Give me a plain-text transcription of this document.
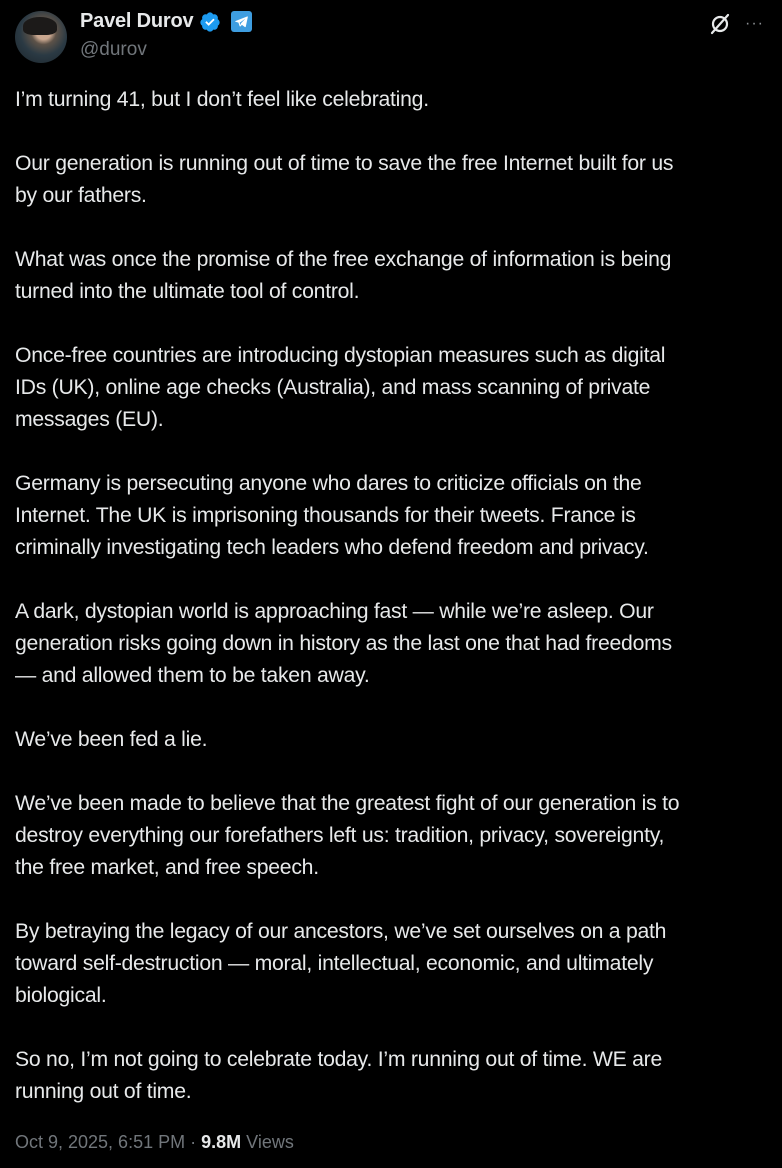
Pavel Durov
@durov
···

I’m turning 41, but I don’t feel like celebrating.

Our generation is running out of time to save the free Internet built for us
by our fathers.

What was once the promise of the free exchange of information is being
turned into the ultimate tool of control.

Once-free countries are introducing dystopian measures such as digital
IDs (UK), online age checks (Australia), and mass scanning of private
messages (EU).

Germany is persecuting anyone who dares to criticize officials on the
Internet. The UK is imprisoning thousands for their tweets. France is
criminally investigating tech leaders who defend freedom and privacy.

A dark, dystopian world is approaching fast — while we’re asleep. Our
generation risks going down in history as the last one that had freedoms
— and allowed them to be taken away.

We’ve been fed a lie.

We’ve been made to believe that the greatest fight of our generation is to
destroy everything our forefathers left us: tradition, privacy, sovereignty,
the free market, and free speech.

By betraying the legacy of our ancestors, we’ve set ourselves on a path
toward self-destruction — moral, intellectual, economic, and ultimately
biological.

So no, I’m not going to celebrate today. I’m running out of time. WE are
running out of time.

Oct 9, 2025, 6:51 PM · 9.8M Views
